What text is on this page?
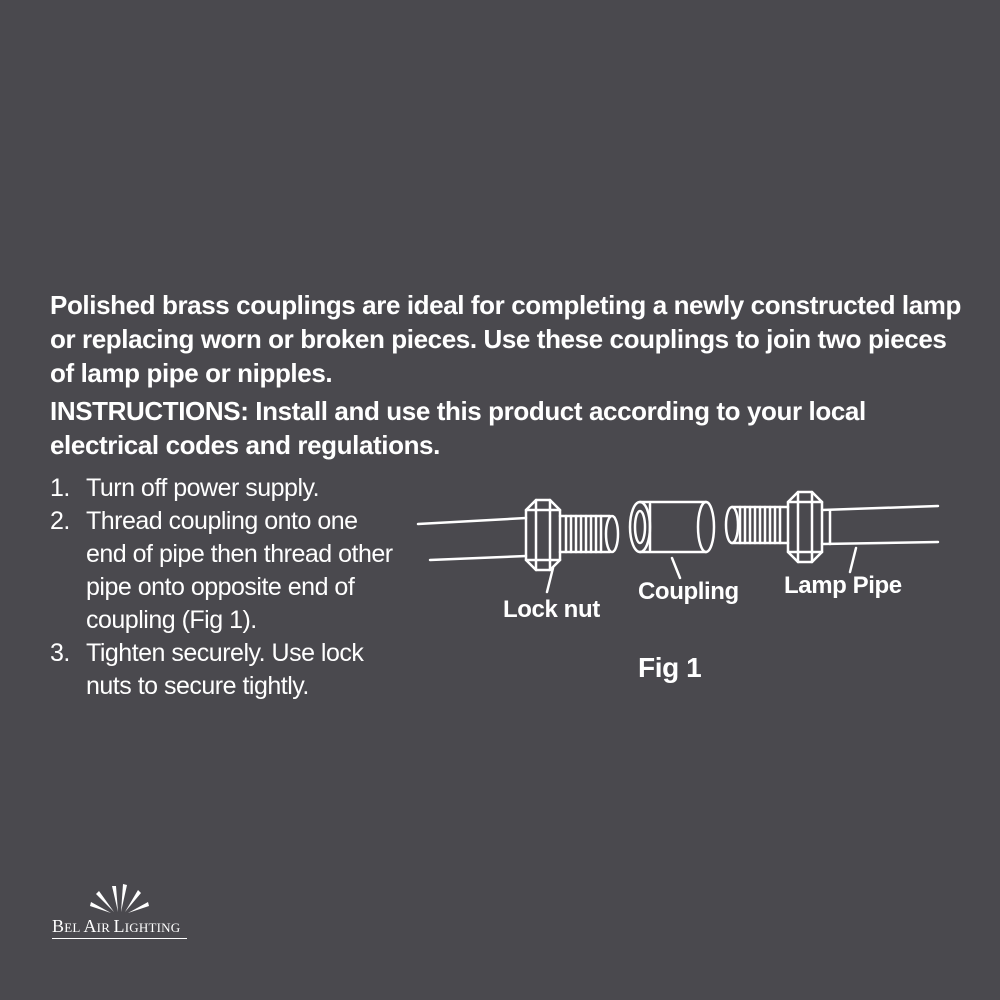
Polished brass couplings are ideal for completing a newly constructed lamp or replacing worn or broken pieces. Use these couplings to join two pieces of lamp pipe or nipples.

INSTRUCTIONS: Install and use this product according to your local electrical codes and regulations.

1. Turn off power supply.
2. Thread coupling onto one end of pipe then thread other pipe onto opposite end of coupling (Fig 1).
3. Tighten securely. Use lock nuts to secure tightly.
Lock nut
Coupling Lamp Pipe
Fig 1
BEL AIR LIGHTING
